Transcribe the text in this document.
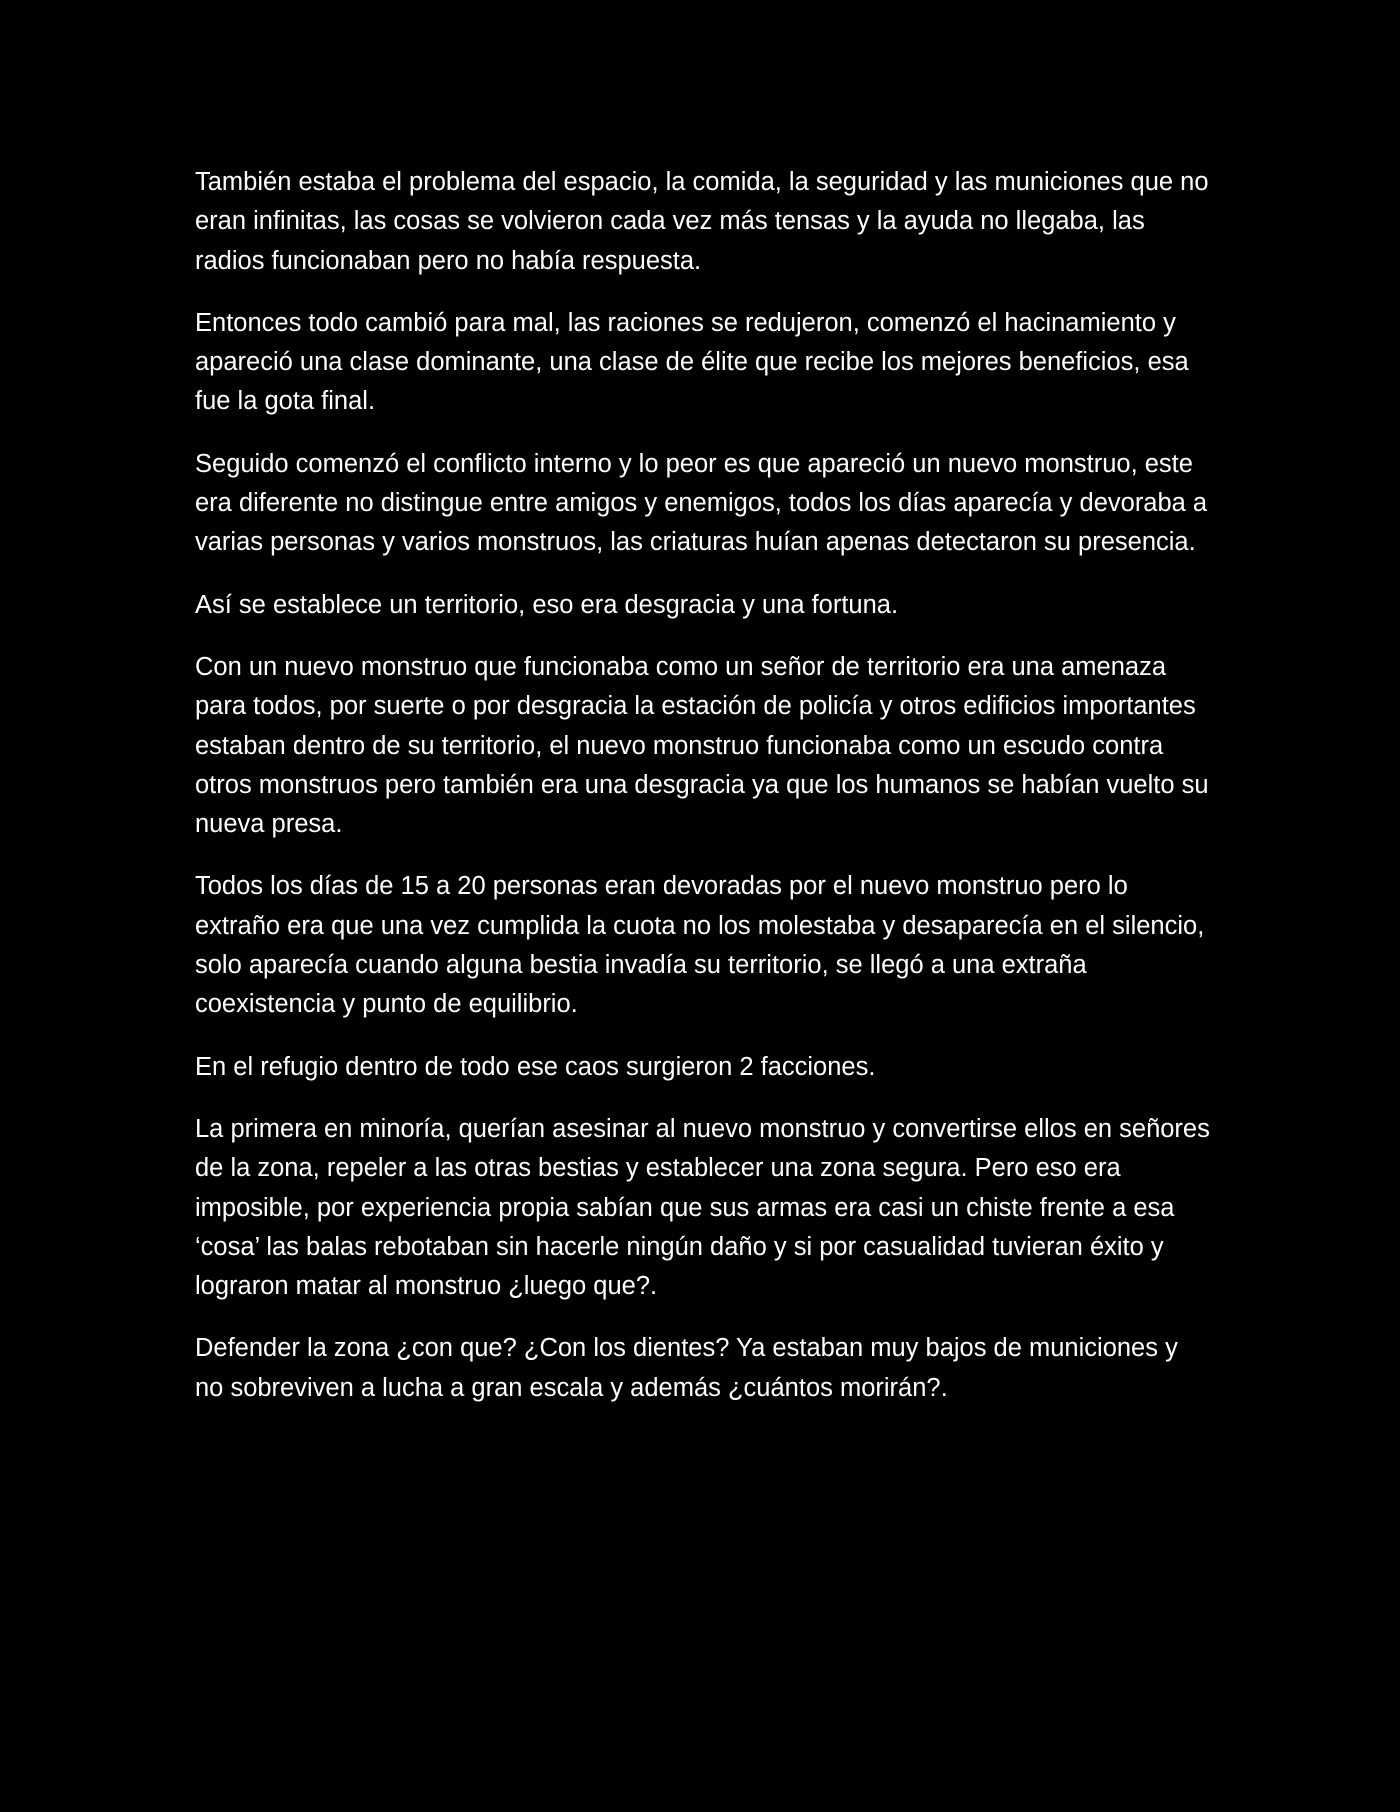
También estaba el problema del espacio, la comida, la seguridad y las municiones que no eran infinitas, las cosas se volvieron cada vez más tensas y la ayuda no llegaba, las radios funcionaban pero no había respuesta.

Entonces todo cambió para mal, las raciones se redujeron, comenzó el hacinamiento y apareció una clase dominante, una clase de élite que recibe los mejores beneficios, esa fue la gota final.

Seguido comenzó el conflicto interno y lo peor es que apareció un nuevo monstruo, este era diferente no distingue entre amigos y enemigos, todos los días aparecía y devoraba a varias personas y varios monstruos, las criaturas huían apenas detectaron su presencia.

Así se establece un territorio, eso era desgracia y una fortuna.

Con un nuevo monstruo que funcionaba como un señor de territorio era una amenaza para todos, por suerte o por desgracia la estación de policía y otros edificios importantes estaban dentro de su territorio, el nuevo monstruo funcionaba como un escudo contra otros monstruos pero también era una desgracia ya que los humanos se habían vuelto su nueva presa.

Todos los días de 15 a 20 personas eran devoradas por el nuevo monstruo pero lo extraño era que una vez cumplida la cuota no los molestaba y desaparecía en el silencio, solo aparecía cuando alguna bestia invadía su territorio, se llegó a una extraña coexistencia y punto de equilibrio.

En el refugio dentro de todo ese caos surgieron 2 facciones.

La primera en minoría, querían asesinar al nuevo monstruo y convertirse ellos en señores de la zona, repeler a las otras bestias y establecer una zona segura. Pero eso era imposible, por experiencia propia sabían que sus armas era casi un chiste frente a esa ‘cosa’ las balas rebotaban sin hacerle ningún daño y si por casualidad tuvieran éxito y lograron matar al monstruo ¿luego que?.

Defender la zona ¿con que? ¿Con los dientes? Ya estaban muy bajos de municiones y no sobreviven a lucha a gran escala y además ¿cuántos morirán?.
